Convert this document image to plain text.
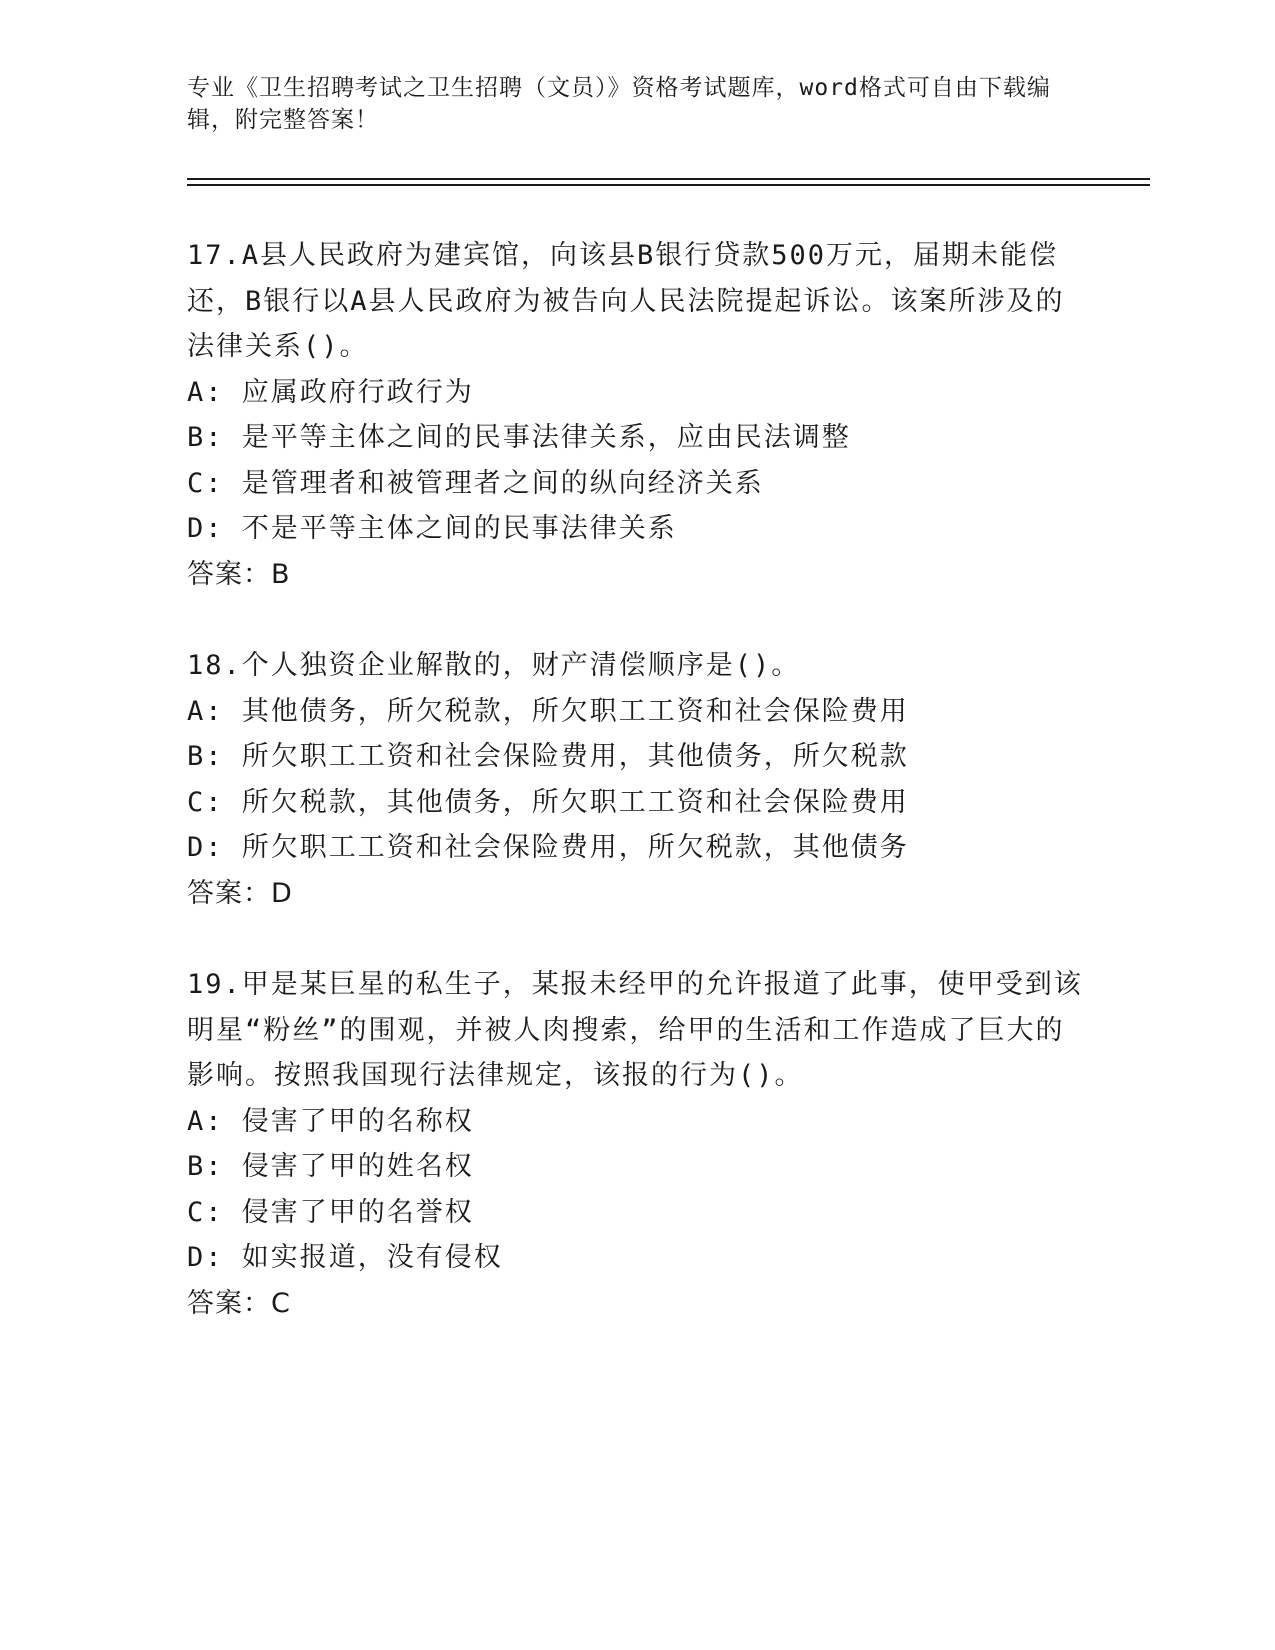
专业《卫生招聘考试之卫生招聘（文员）》资格考试题库，word格式可自由下载编辑，附完整答案！

17.A县人民政府为建宾馆，向该县B银行贷款500万元，届期未能偿还，B银行以A县人民政府为被告向人民法院提起诉讼。该案所涉及的法律关系()。

A: 应属政府行政行为

B: 是平等主体之间的民事法律关系，应由民法调整

C: 是管理者和被管理者之间的纵向经济关系

D: 不是平等主体之间的民事法律关系

答案：B

18.个人独资企业解散的，财产清偿顺序是()。

A: 其他债务，所欠税款，所欠职工工资和社会保险费用

B: 所欠职工工资和社会保险费用，其他债务，所欠税款

C: 所欠税款，其他债务，所欠职工工资和社会保险费用

D: 所欠职工工资和社会保险费用，所欠税款，其他债务

答案：D

19.甲是某巨星的私生子，某报未经甲的允许报道了此事，使甲受到该明星“粉丝”的围观，并被人肉搜索，给甲的生活和工作造成了巨大的影响。按照我国现行法律规定，该报的行为()。

A: 侵害了甲的名称权

B: 侵害了甲的姓名权

C: 侵害了甲的名誉权

D: 如实报道，没有侵权

答案：C
